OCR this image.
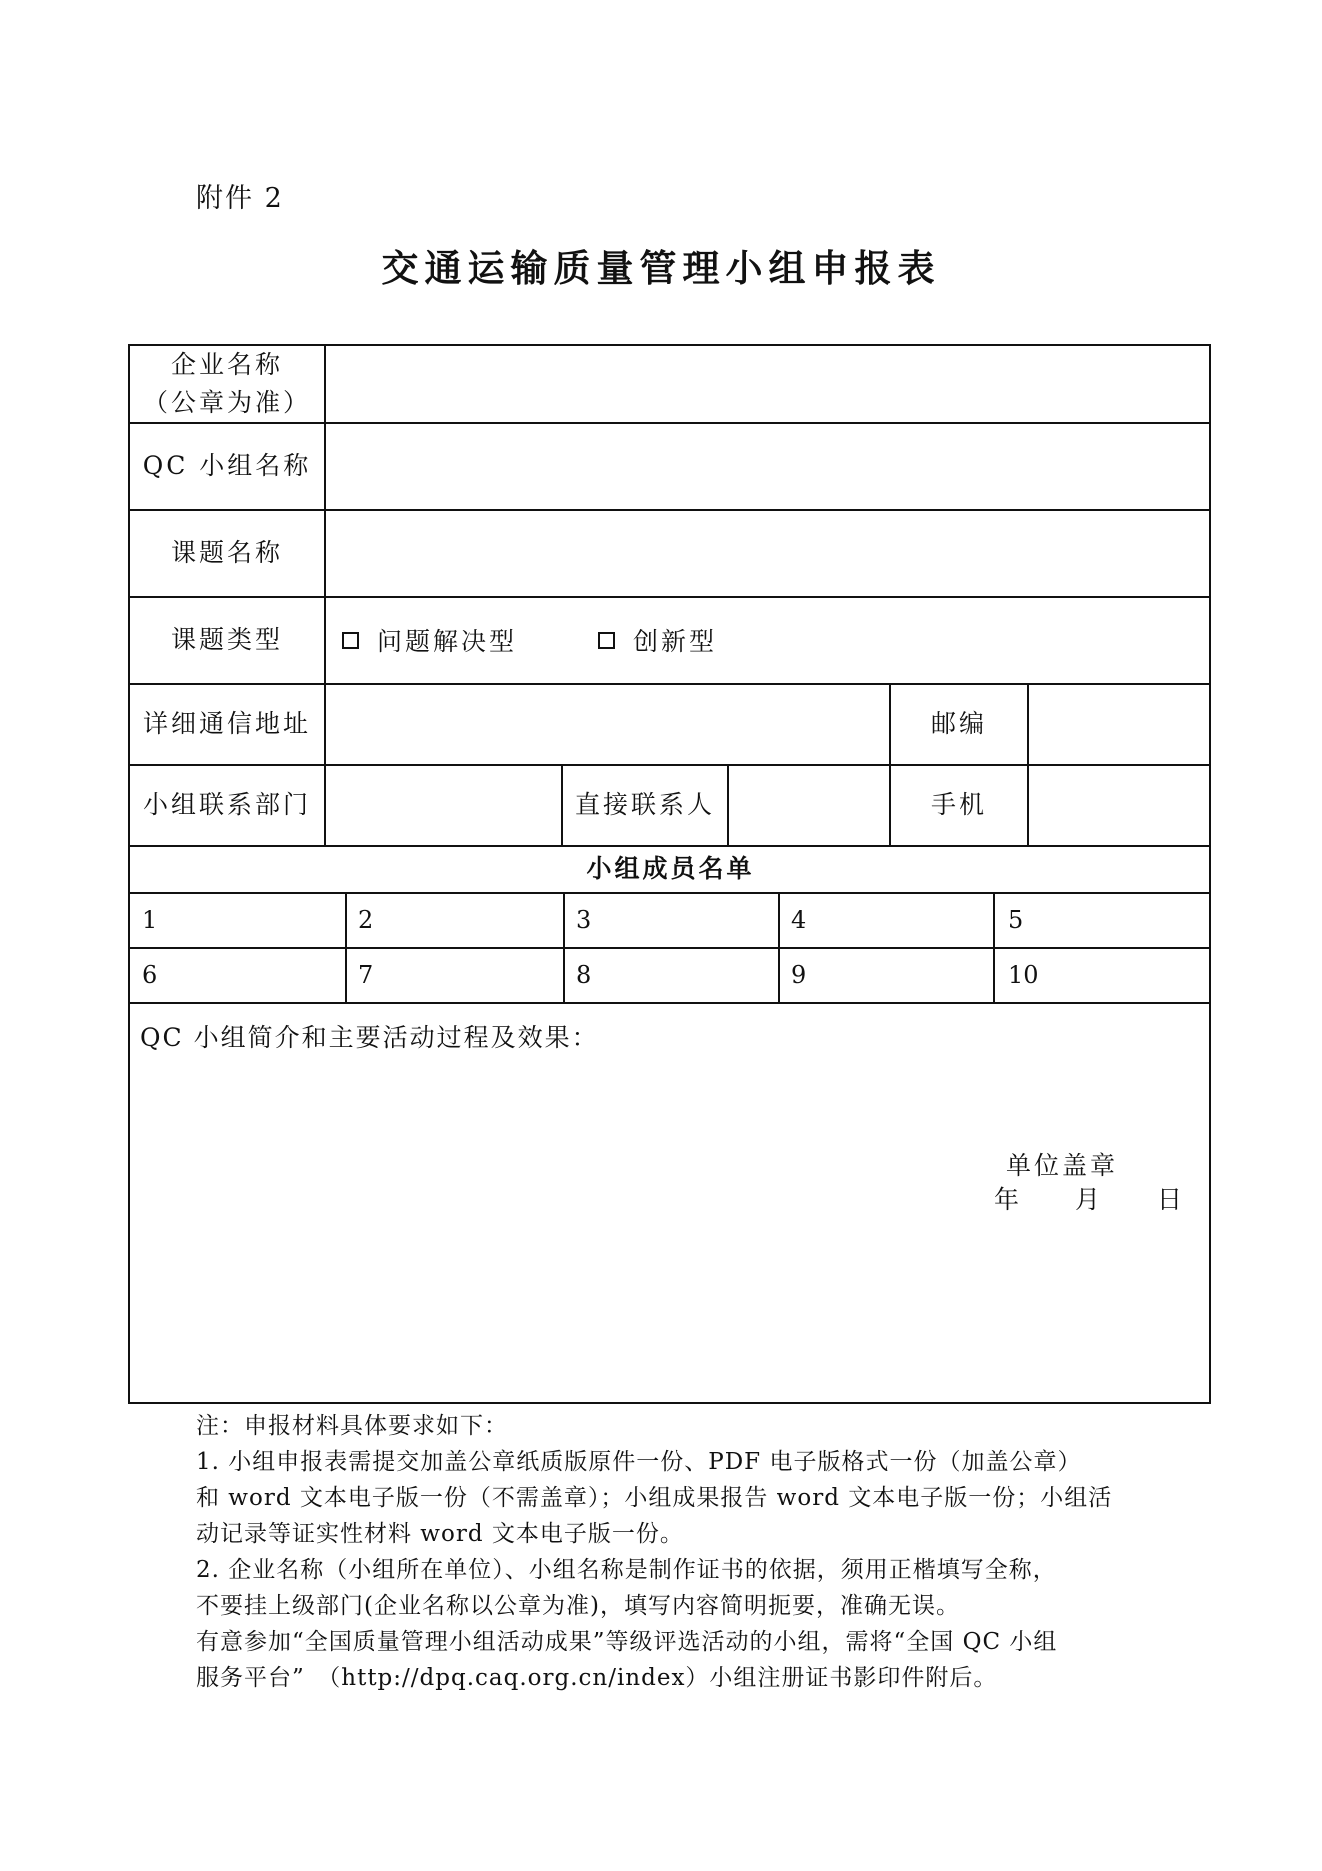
附件 2
交通运输质量管理小组申报表
企业名称
（公章为准）
QC 小组名称
课题名称
课题类型	问题解决型	创新型
详细通信地址	邮编
小组联系部门	直接联系人	手机
小组成员名单
1	2	3	4	5
6	7	8	9	10
QC 小组简介和主要活动过程及效果：
单位盖章
年 月 日
注：申报材料具体要求如下：
1. 小组申报表需提交加盖公章纸质版原件一份、PDF 电子版格式一份（加盖公章）
和 word 文本电子版一份（不需盖章）；小组成果报告 word 文本电子版一份；小组活
动记录等证实性材料 word 文本电子版一份。
2. 企业名称（小组所在单位）、小组名称是制作证书的依据，须用正楷填写全称，
不要挂上级部门(企业名称以公章为准)，填写内容简明扼要，准确无误。
有意参加“全国质量管理小组活动成果”等级评选活动的小组，需将“全国 QC 小组
服务平台”　（http://dpq.caq.org.cn/index）小组注册证书影印件附后。
